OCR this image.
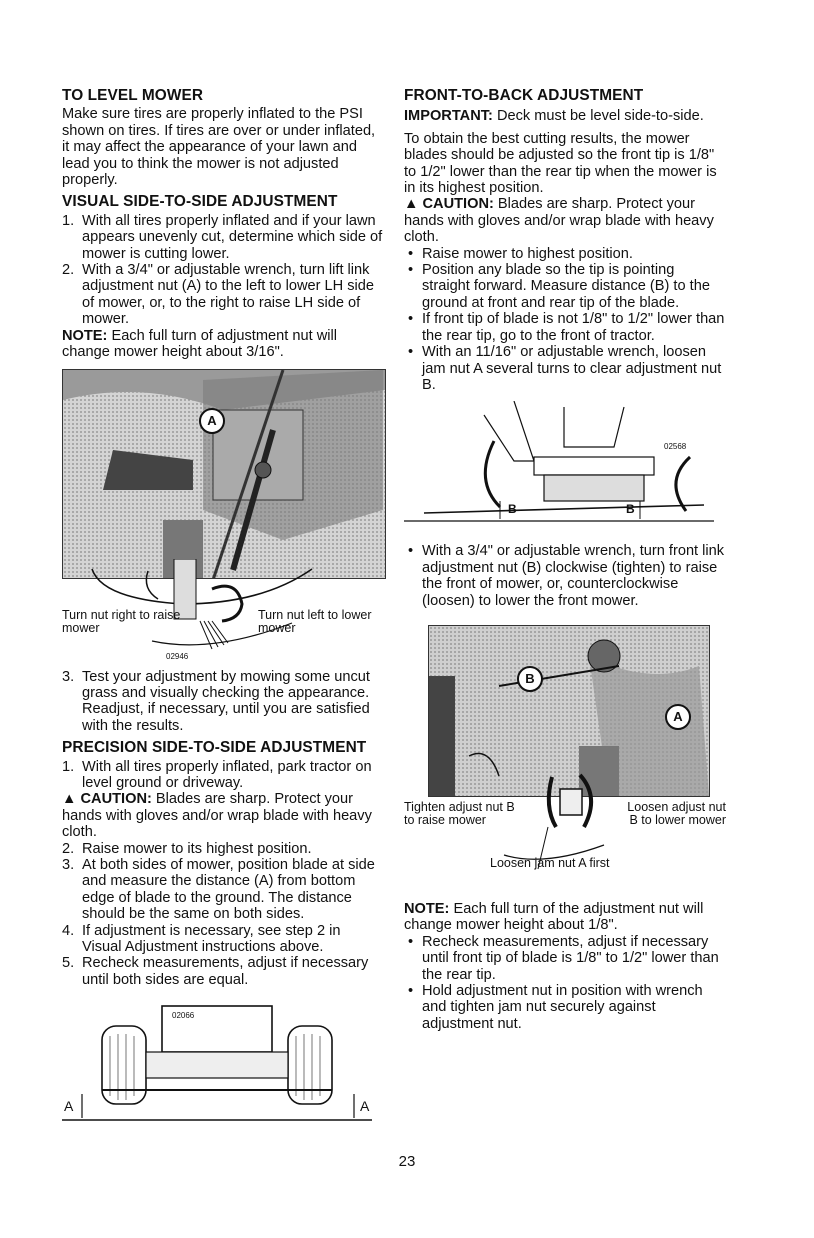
TO LEVEL MOWER

Make sure tires are properly inflated to the PSI shown on tires. If tires are over or under inflated, it may affect the appearance of your lawn and lead you to think the mower is not adjusted properly.

VISUAL SIDE-TO-SIDE ADJUSTMENT
1. With all tires properly inflated and if your lawn appears unevenly cut, determine which side of mower is cutting lower.
2. With a 3/4" or adjustable wrench, turn lift link adjustment nut (A) to the left to lower LH side of mower, or, to the right to raise LH side of mower.

NOTE: Each full turn of adjustment nut will change mower height about 3/16".

A
Turn nut right to raise mower
Turn nut left to lower mower
02946
3. Test your adjustment by mowing some uncut grass and visually checking the appearance. Readjust, if necessary, until you are satisfied with the results.
PRECISION SIDE-TO-SIDE ADJUSTMENT
1. With all tires properly inflated, park tractor on level ground or driveway.

▲ CAUTION: Blades are sharp. Protect your hands with gloves and/or wrap blade with heavy cloth.

2. Raise mower to its highest position.
3. At both sides of mower, position blade at side and measure the distance (A) from bottom edge of blade to the ground. The distance should be the same on both sides.
4. If adjustment is necessary, see step 2 in Visual Adjustment instructions above.
5. Recheck measurements, adjust if necessary until both sides are equal.
02066
A	A
FRONT-TO-BACK ADJUSTMENT

IMPORTANT: Deck must be level side-to-side.

To obtain the best cutting results, the mower blades should be adjusted so the front tip is 1/8" to 1/2" lower than the rear tip when the mower is in its highest position.

▲ CAUTION: Blades are sharp. Protect your hands with gloves and/or wrap blade with heavy cloth.

• Raise mower to highest position.
• Position any blade so the tip is pointing straight forward. Measure distance (B) to the ground at front and rear tip of the blade.
• If front tip of blade is not 1/8" to 1/2" lower than the rear tip, go to the front of tractor.
• With an 11/16" or adjustable wrench, loosen jam nut A several turns to clear adjustment nut B.
02568
B	B
• With a 3/4" or adjustable wrench, turn front link adjustment nut (B) clockwise (tighten) to raise the front of mower, or, counterclockwise (loosen) to lower the front mower.
B
A
Tighten adjust nut B to raise mower
Loosen adjust nut B to lower mower
Loosen jam nut A first

NOTE: Each full turn of the adjustment nut will change mower height about 1/8".

• Recheck measurements, adjust if necessary until front tip of blade is 1/8" to 1/2" lower than the rear tip.
• Hold adjustment nut in position with wrench and tighten jam nut securely against adjustment nut.
23
